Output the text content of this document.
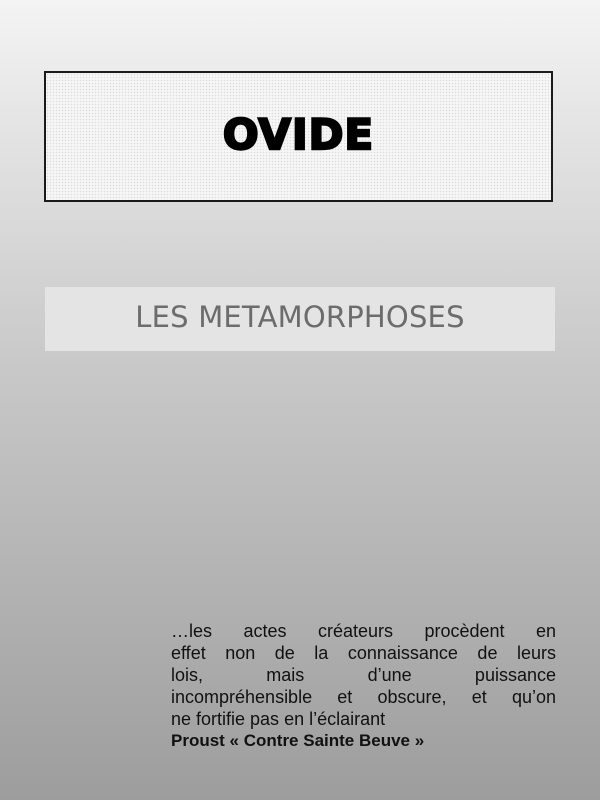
OVIDE
LES METAMORPHOSES

…les actes créateurs procèdent en
effet non de la connaissance de leurs
lois, mais d’une puissance
incompréhensible et obscure, et qu’on
ne fortifie pas en l’éclairant

Proust « Contre Sainte Beuve »
